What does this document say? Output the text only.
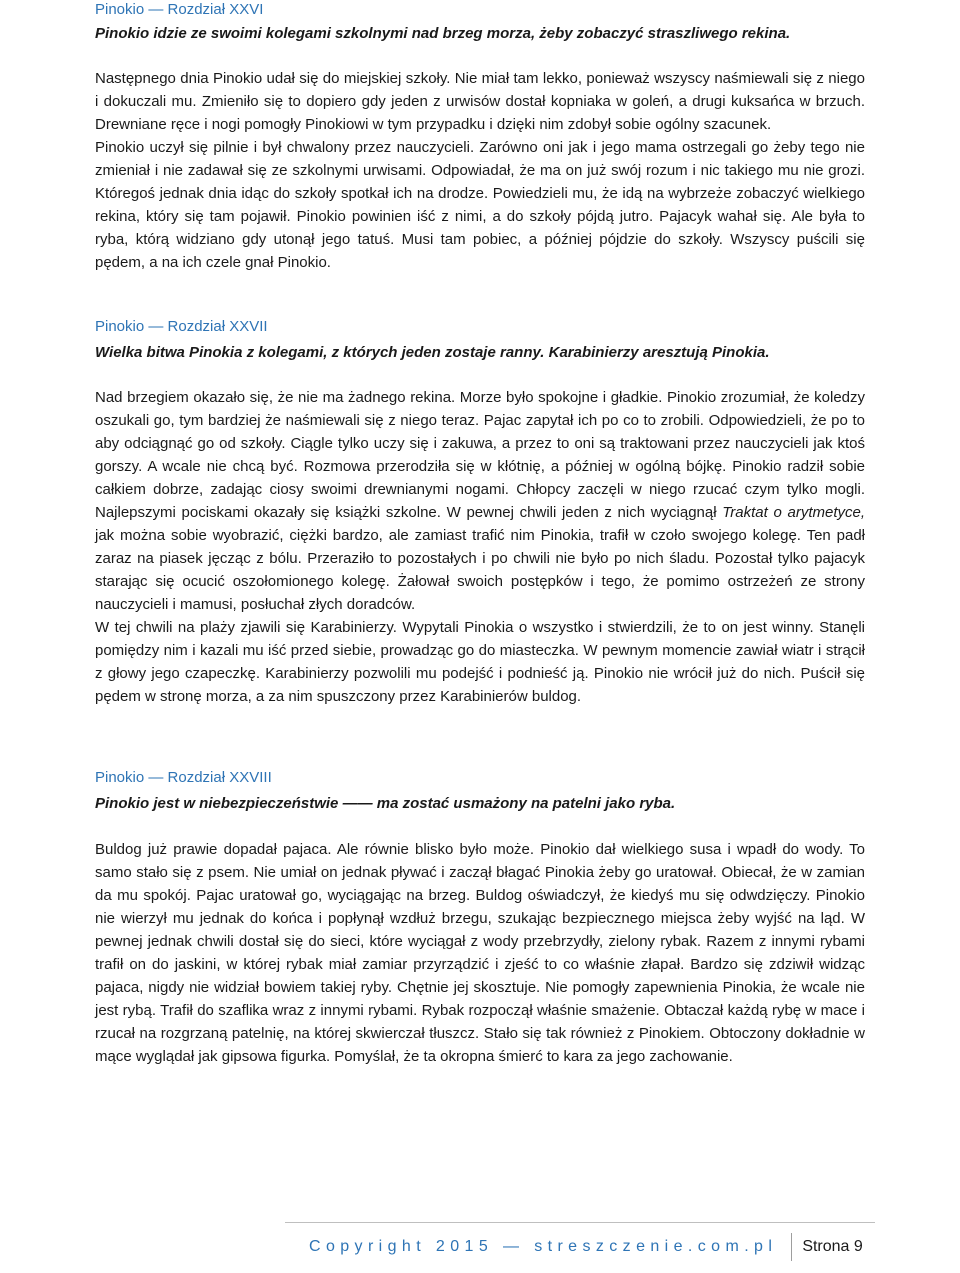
Pinokio — Rozdział XXVI
Pinokio idzie ze swoimi kolegami szkolnymi nad brzeg morza, żeby zobaczyć straszliwego rekina.

Następnego dnia Pinokio udał się do miejskiej szkoły. Nie miał tam lekko, ponieważ wszyscy naśmiewali się z niego i dokuczali mu. Zmieniło się to dopiero gdy jeden z urwisów dostał kopniaka w goleń, a drugi kuksańca w brzuch. Drewniane ręce i nogi pomogły Pinokiowi w tym przypadku i dzięki nim zdobył sobie ogólny szacunek.

Pinokio uczył się pilnie i był chwalony przez nauczycieli. Zarówno oni jak i jego mama ostrzegali go żeby tego nie zmieniał i nie zadawał się ze szkolnymi urwisami. Odpowiadał, że ma on już swój rozum i nic takiego mu nie grozi. Któregoś jednak dnia idąc do szkoły spotkał ich na drodze. Powiedzieli mu, że idą na wybrzeże zobaczyć wielkiego rekina, który się tam pojawił. Pinokio powinien iść z nimi, a do szkoły pójdą jutro. Pajacyk wahał się. Ale była to ryba, którą widziano gdy utonął jego tatuś. Musi tam pobiec, a później pójdzie do szkoły. Wszyscy puścili się pędem, a na ich czele gnał Pinokio.

Pinokio — Rozdział XXVII
Wielka bitwa Pinokia z kolegami, z których jeden zostaje ranny. Karabinierzy aresztują Pinokia.

Nad brzegiem okazało się, że nie ma żadnego rekina. Morze było spokojne i gładkie. Pinokio zrozumiał, że koledzy oszukali go, tym bardziej że naśmiewali się z niego teraz. Pajac zapytał ich po co to zrobili. Odpowiedzieli, że po to aby odciągnąć go od szkoły. Ciągle tylko uczy się i zakuwa, a przez to oni są traktowani przez nauczycieli jak ktoś gorszy. A wcale nie chcą być. Rozmowa przerodziła się w kłótnię, a później w ogólną bójkę. Pinokio radził sobie całkiem dobrze, zadając ciosy swoimi drewnianymi nogami. Chłopcy zaczęli w niego rzucać czym tylko mogli. Najlepszymi pociskami okazały się książki szkolne. W pewnej chwili jeden z nich wyciągnął Traktat o arytmetyce, jak można sobie wyobrazić, ciężki bardzo, ale zamiast trafić nim Pinokia, trafił w czoło swojego kolegę. Ten padł zaraz na piasek jęcząc z bólu. Przeraziło to pozostałych i po chwili nie było po nich śladu. Pozostał tylko pajacyk starając się ocucić oszołomionego kolegę. Żałował swoich postępków i tego, że pomimo ostrzeżeń ze strony nauczycieli i mamusi, posłuchał złych doradców.

W tej chwili na plaży zjawili się Karabinierzy. Wypytali Pinokia o wszystko i stwierdzili, że to on jest winny. Stanęli pomiędzy nim i kazali mu iść przed siebie, prowadząc go do miasteczka. W pewnym momencie zawiał wiatr i strącił z głowy jego czapeczkę. Karabinierzy pozwolili mu podejść i podnieść ją. Pinokio nie wrócił już do nich. Puścił się pędem w stronę morza, a za nim spuszczony przez Karabinierów buldog.

Pinokio — Rozdział XXVIII
Pinokio jest w niebezpieczeństwie —— ma zostać usmażony na patelni jako ryba.

Buldog już prawie dopadał pajaca. Ale równie blisko było może. Pinokio dał wielkiego susa i wpadł do wody. To samo stało się z psem. Nie umiał on jednak pływać i zaczął błagać Pinokia żeby go uratował. Obiecał, że w zamian da mu spokój. Pajac uratował go, wyciągając na brzeg. Buldog oświadczył, że kiedyś mu się odwdzięczy. Pinokio nie wierzył mu jednak do końca i popłynął wzdłuż brzegu, szukając bezpiecznego miejsca żeby wyjść na ląd. W pewnej jednak chwili dostał się do sieci, które wyciągał z wody przebrzydły, zielony rybak. Razem z innymi rybami trafił on do jaskini, w której rybak miał zamiar przyrządzić i zjeść to co właśnie złapał. Bardzo się zdziwił widząc pajaca, nigdy nie widział bowiem takiej ryby. Chętnie jej skosztuje. Nie pomogły zapewnienia Pinokia, że wcale nie jest rybą. Trafił do szaflika wraz z innymi rybami. Rybak rozpoczął właśnie smażenie. Obtaczał każdą rybę w mace i rzucał na rozgrzaną patelnię, na której skwierczał tłuszcz. Stało się tak również z Pinokiem. Obtoczony dokładnie w mące wyglądał jak gipsowa figurka. Pomyślał, że ta okropna śmierć to kara za jego zachowanie.

Copyright 2015 — streszczenie.com.pl Strona 9
